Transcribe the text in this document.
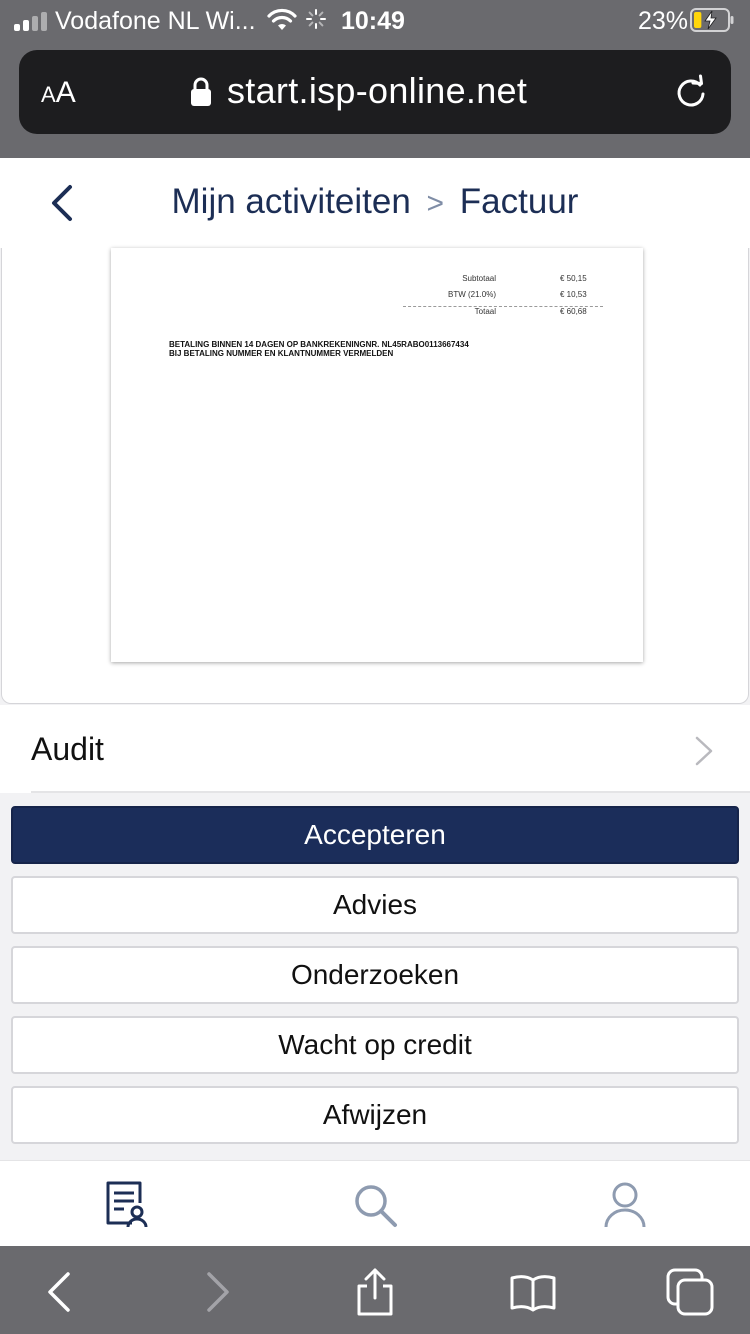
Vodafone NL Wi...	10:49	23%
AA	start.isp-online.net
Mijn activiteiten > Factuur
Subtotaal	€ 50,15
BTW (21.0%)	€ 10,53
Totaal	€ 60,68
BETALING BINNEN 14 DAGEN OP BANKREKENINGNR. NL45RABO0113667434
BIJ BETALING NUMMER EN KLANTNUMMER VERMELDEN
Audit
Accepteren
Advies
Onderzoeken
Wacht op credit
Afwijzen
